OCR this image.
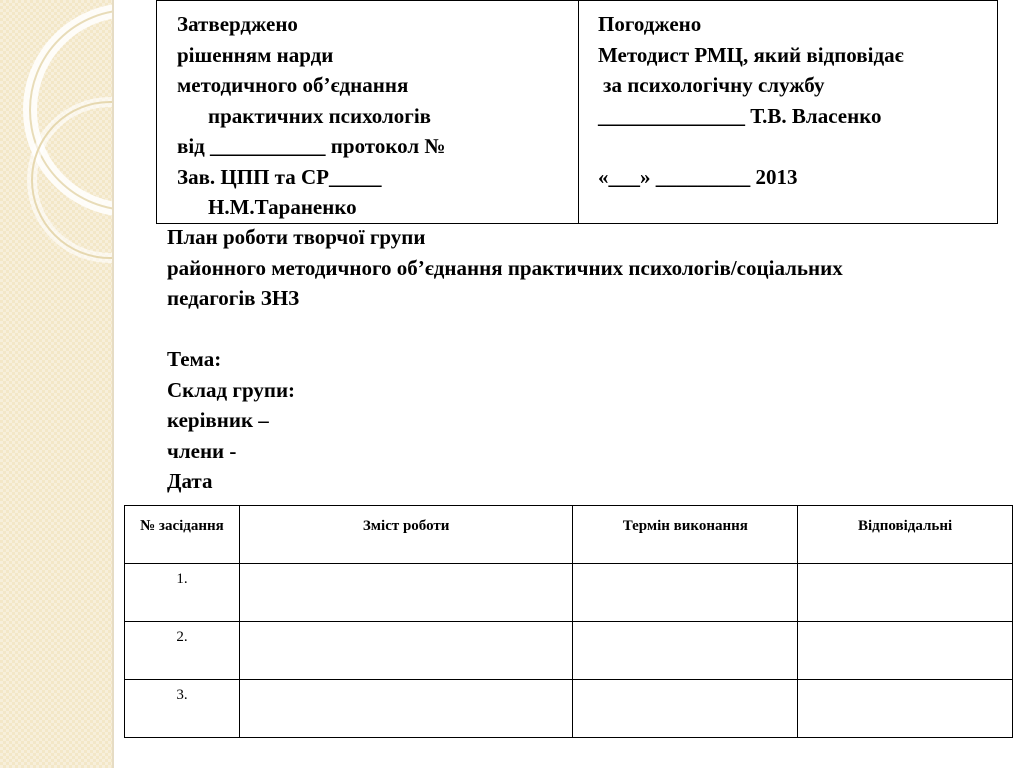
Затверджено
рішенням нарди
методичного об’єднання
практичних психологів
від ___________ протокол №
Зав. ЦПП та СР_____
Н.М.Тараненко
Погоджено
Методист РМЦ, який відповідає
за психологічну службу
______________ Т.В. Власенко
«___» _________ 2013
План роботи творчої групи
районного методичного об’єднання практичних психологів/соціальних
педагогів ЗНЗ
Тема:
Склад групи:
керівник –
члени -
Дата
№ засідання	Зміст роботи	Термін виконання	Відповідальні
1.			
2.			
3.			
